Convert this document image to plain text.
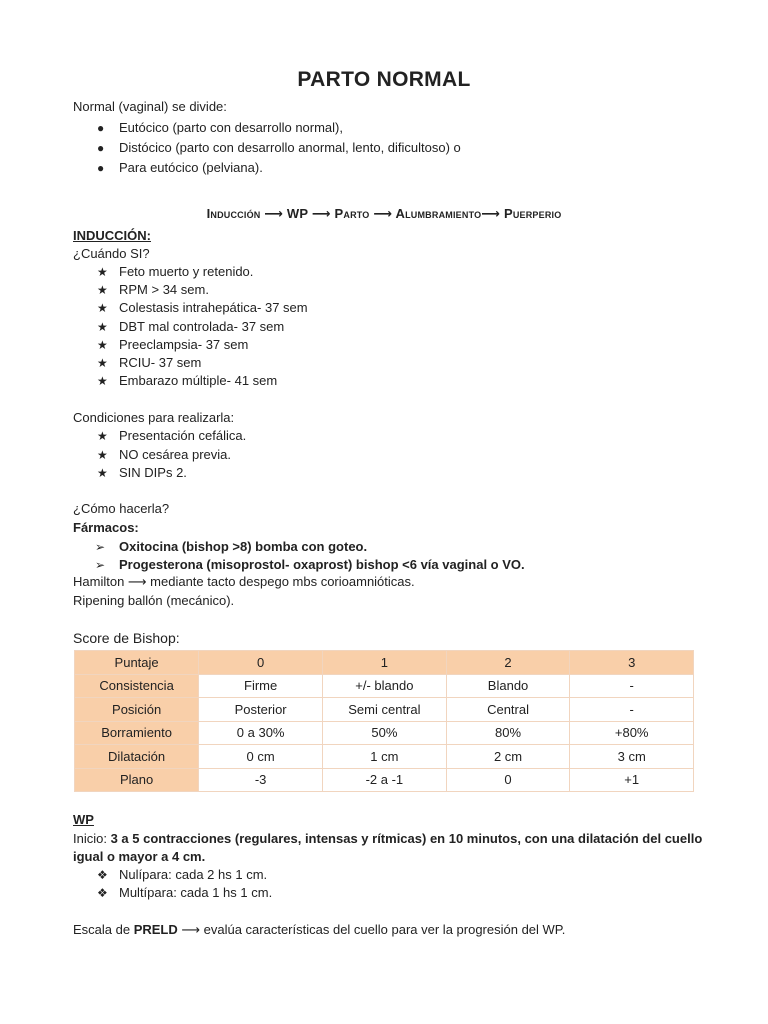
PARTO NORMAL
Normal (vaginal) se divide:
● Eutócico (parto con desarrollo normal),
● Distócico (parto con desarrollo anormal, lento, dificultoso) o
● Para eutócico (pelviana).
Inducción ⟶ WP ⟶ Parto ⟶ Alumbramiento⟶ Puerperio
INDUCCIÓN:
¿Cuándo SI?
★ Feto muerto y retenido.
★ RPM > 34 sem.
★ Colestasis intrahepática- 37 sem
★ DBT mal controlada- 37 sem
★ Preeclampsia- 37 sem
★ RCIU- 37 sem
★ Embarazo múltiple- 41 sem
Condiciones para realizarla:
★ Presentación cefálica.
★ NO cesárea previa.
★ SIN DIPs 2.
¿Cómo hacerla?
Fármacos:
➢ Oxitocina (bishop >8) bomba con goteo.
➢ Progesterona (misoprostol- oxaprost) bishop <6 vía vaginal o VO.
Hamilton ⟶ mediante tacto despego mbs corioamnióticas.
Ripening ballón (mecánico).
Score de Bishop:
Puntaje	0	1	2	3
Consistencia	Firme	+/- blando	Blando	-
Posición	Posterior	Semi central	Central	-
Borramiento	0 a 30%	50%	80%	+80%
Dilatación	0 cm	1 cm	2 cm	3 cm
Plano	-3	-2 a -1	0	+1
WP
Inicio: 3 a 5 contracciones (regulares, intensas y rítmicas) en 10 minutos, con una dilatación del cuello
igual o mayor a 4 cm.
❖ Nulípara: cada 2 hs 1 cm.
❖ Multípara: cada 1 hs 1 cm.
Escala de PRELD ⟶ evalúa características del cuello para ver la progresión del WP.
